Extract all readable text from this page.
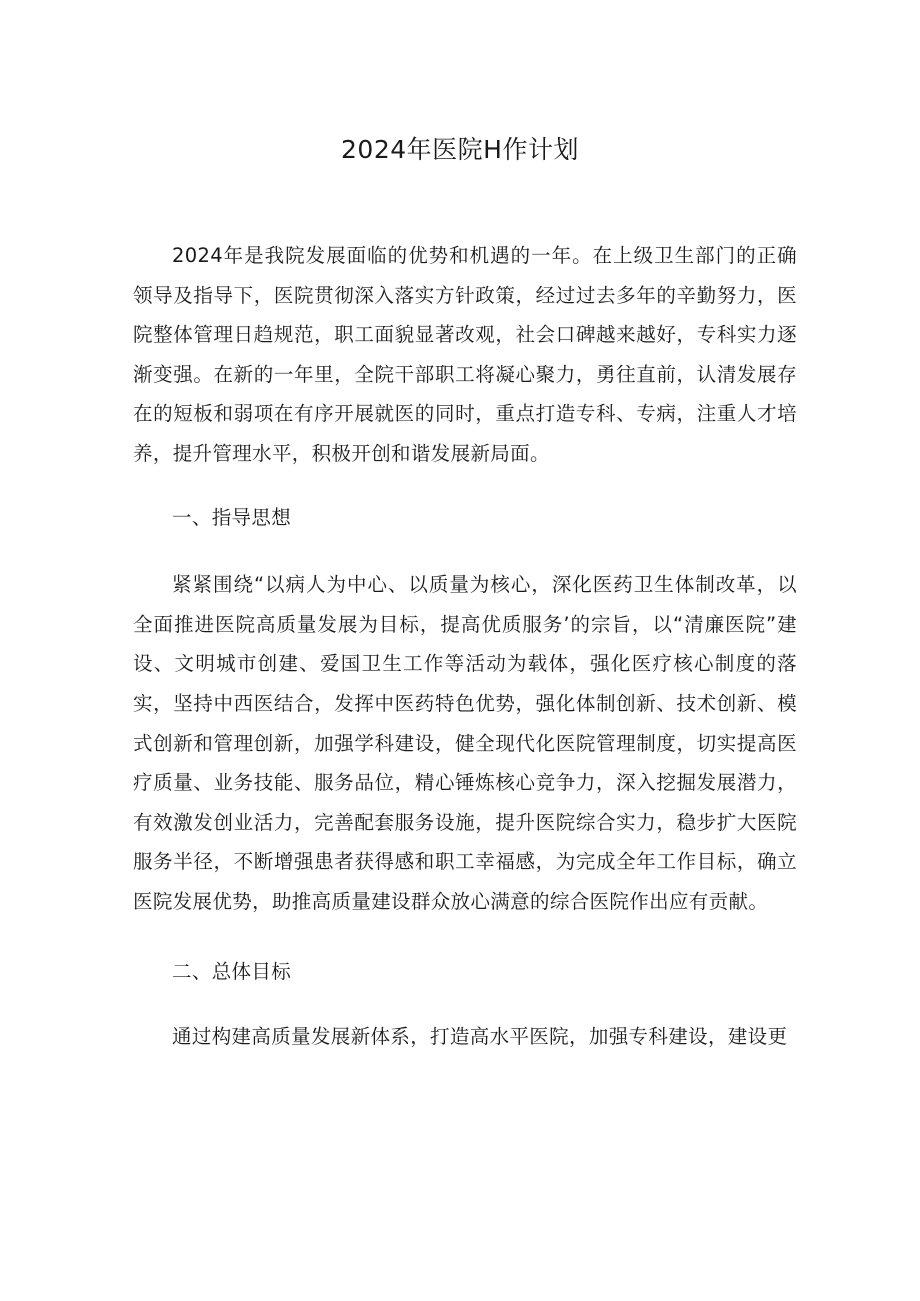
2024年医院H作计划

2024年是我院发展面临的优势和机遇的一年。在上级卫生部门的正确领导及指导下，医院贯彻深入落实方针政策，经过过去多年的辛勤努力，医院整体管理日趋规范，职工面貌显著改观，社会口碑越来越好，专科实力逐渐变强。在新的一年里，全院干部职工将凝心聚力，勇往直前，认清发展存在的短板和弱项在有序开展就医的同时，重点打造专科、专病，注重人才培养，提升管理水平，积极开创和谐发展新局面。

一、指导思想

紧紧围绕“以病人为中心、以质量为核心，深化医药卫生体制改革，以全面推进医院高质量发展为目标，提高优质服务’的宗旨，以“清廉医院”建设、文明城市创建、爱国卫生工作等活动为载体，强化医疗核心制度的落实，坚持中西医结合，发挥中医药特色优势，强化体制创新、技术创新、模式创新和管理创新，加强学科建设，健全现代化医院管理制度，切实提高医疗质量、业务技能、服务品位，精心锤炼核心竞争力，深入挖掘发展潜力，有效激发创业活力，完善配套服务设施，提升医院综合实力，稳步扩大医院服务半径，不断增强患者获得感和职工幸福感，为完成全年工作目标，确立医院发展优势，助推高质量建设群众放心满意的综合医院作出应有贡献。

二、总体目标

通过构建高质量发展新体系，打造高水平医院，加强专科建设，建设更
